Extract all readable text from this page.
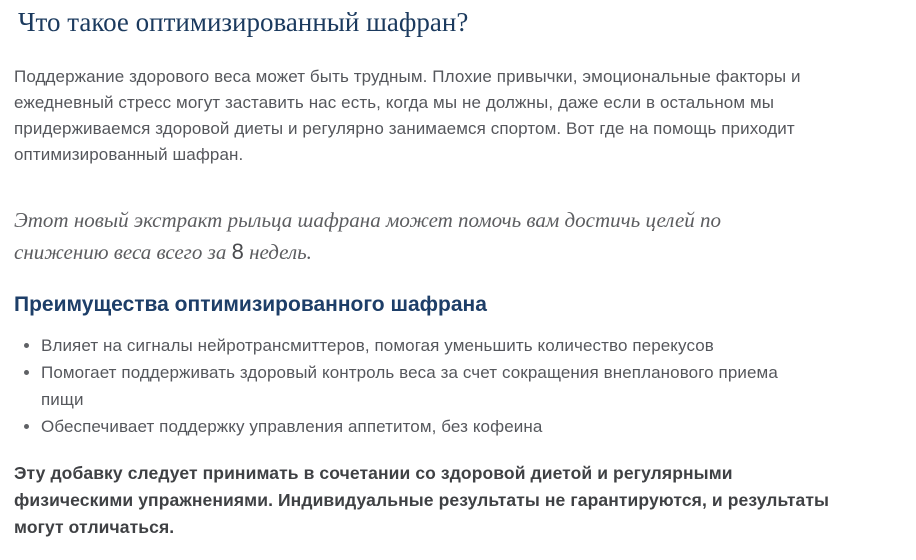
Что такое оптимизированный шафран?

Поддержание здорового веса может быть трудным. Плохие привычки, эмоциональные факторы и
ежедневный стресс могут заставить нас есть, когда мы не должны, даже если в остальном мы
придерживаемся здоровой диеты и регулярно занимаемся спортом. Вот где на помощь приходит
оптимизированный шафран.

Этот новый экстракт рыльца шафрана может помочь вам достичь целей по
снижению веса всего за 8 недель.

Преимущества оптимизированного шафрана
Влияет на сигналы нейротрансмиттеров, помогая уменьшить количество перекусов
Помогает поддерживать здоровый контроль веса за счет сокращения внепланового приема
пищи
Обеспечивает поддержку управления аппетитом, без кофеина

Эту добавку следует принимать в сочетании со здоровой диетой и регулярными
физическими упражнениями. Индивидуальные результаты не гарантируются, и результаты
могут отличаться.
